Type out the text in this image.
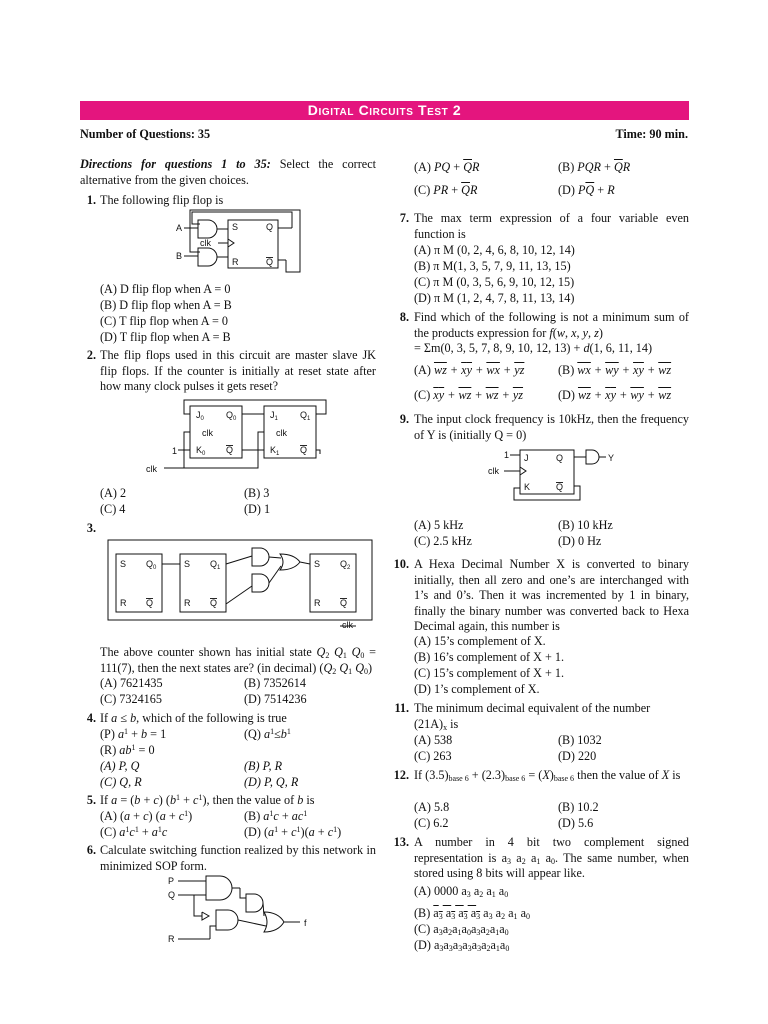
Digital Circuits Test 2
Number of Questions: 35	Time: 90 min.
Directions for questions 1 to 35: Select the correct alternative from the given choices.
1. The following flip flop is
A
B
S
R
Q
Q
clk
(A) D flip flop when A = 0
(B) D flip flop when A = B
(C) T flip flop when A = 0
(D) T flip flop when A = B
2. The flip flops used in this circuit are master slave JK flip flops. If the counter is initially at reset state after how many clock pulses it gets reset?
$J_0$ $Q_0$
clk
$K_0$ Q
$J_1$ $Q_1$
clk
$K_1$ Q
1
clk
(A) 2	(B) 3
(C) 4	(D) 1
3.
S $Q_0$
R Q
S $Q_1$
R Q
S $Q_2$
R Q
clk
The above counter shown has initial state $Q_2$ $Q_1$ $Q_0 = 111(7)$, then the next states are? (in decimal) ($Q_2$ $Q_1$ $Q_0$)
(A) 7621435	(B) 7352614
(C) 7324165	(D) 7514236
4. If a ≤ b, which of the following is true
(P) $a^1 + b = 1$	(Q) $a^1\le b^1$
(R) $ab^1 = 0$
(A) P, Q	(B) P, R
(C) Q, R	(D) P, Q, R
5. If a = (b + c) $(b^1 + c^1)$, then the value of b is
(A) (a + c) $(a + c^1)$	(B) $a^1c + ac^1$
(C) $a^1c^1 + a^1c$	(D) $(a^1 + c^1)(a + c^1)$
6. Calculate switching function realized by this network in minimized SOP form.
P
Q
R
f
(A) PQ + $\overline{Q}R$	(B) PQR + $\overline{Q}R$
(C) PR + $\overline{Q}R$	(D) $P\overline{Q} + R$
7. The max term expression of a four variable even function is
(A) π M (0, 2, 4, 6, 8, 10, 12, 14)
(B) π M(1, 3, 5, 7, 9, 11, 13, 15)
(C) π M (0, 3, 5, 6, 9, 10, 12, 15)
(D) π M (1, 2, 4, 7, 8, 11, 13, 14)
8. Find which of the following is not a minimum sum of the products expression for f(w, x, y, z)
= Σm(0, 3, 5, 7, 8, 9, 10, 12, 13) + d(1, 6, 11, 14)
(A) $\overline{wz} + \overline{x}\overline{y} + \overline{w}\overline{x} + \overline{yz}$	(B) $\overline{wx} + \overline{wy} + \overline{x}\overline{y} + \overline{wz}$
(C) $\overline{x}\overline{y} + \overline{wz} + \overline{wz} + \overline{yz}$	(D) $\overline{wz} + \overline{x}\overline{y} + \overline{wy} + \overline{wz}$
9. The input clock frequency is 10kHz, then the frequency of Y is (initially Q = 0)
1 J
K
Q
Q
clk
Y
(A) 5 kHz	(B) 10 kHz
(C) 2.5 kHz	(D) 0 Hz
10. A Hexa Decimal Number X is converted to binary initially, then all zero and one’s are interchanged with 1’s and 0’s. Then it was incremented by 1 in binary, finally the binary number was converted back to Hexa Decimal again, this number is
(A) 15’s complement of X.
(B) 16’s complement of X + 1.
(C) 15’s complement of X + 1.
(D) 1’s complement of X.
11. The minimum decimal equivalent of the number
$(21A)_x$ is
(A) 538	(B) 1032
(C) 263	(D) 220
12. If $(3.5)_{base 6} + (2.3)_{base 6} = (X)_{base 6}$ then the value of X is
(A) 5.8	(B) 10.2
(C) 6.2	(D) 5.6
13. A number in 4 bit two complement signed representation is $a_3$ $a_2$ $a_1$ $a_0$. The same number, when stored using 8 bits will appear like.
(A) 0000 $a_3$ $a_2$ $a_1$ $a_0$
(B) $a_3$ $a_3$ $a_3$ $a_3$ $a_3$ $a_2$ $a_1$ $a_0$
(C) $a_3a_2a_1a_0a_3a_2a_1a_0$
(D) $a_3a_3a_3a_3a_3a_2a_1a_0$
